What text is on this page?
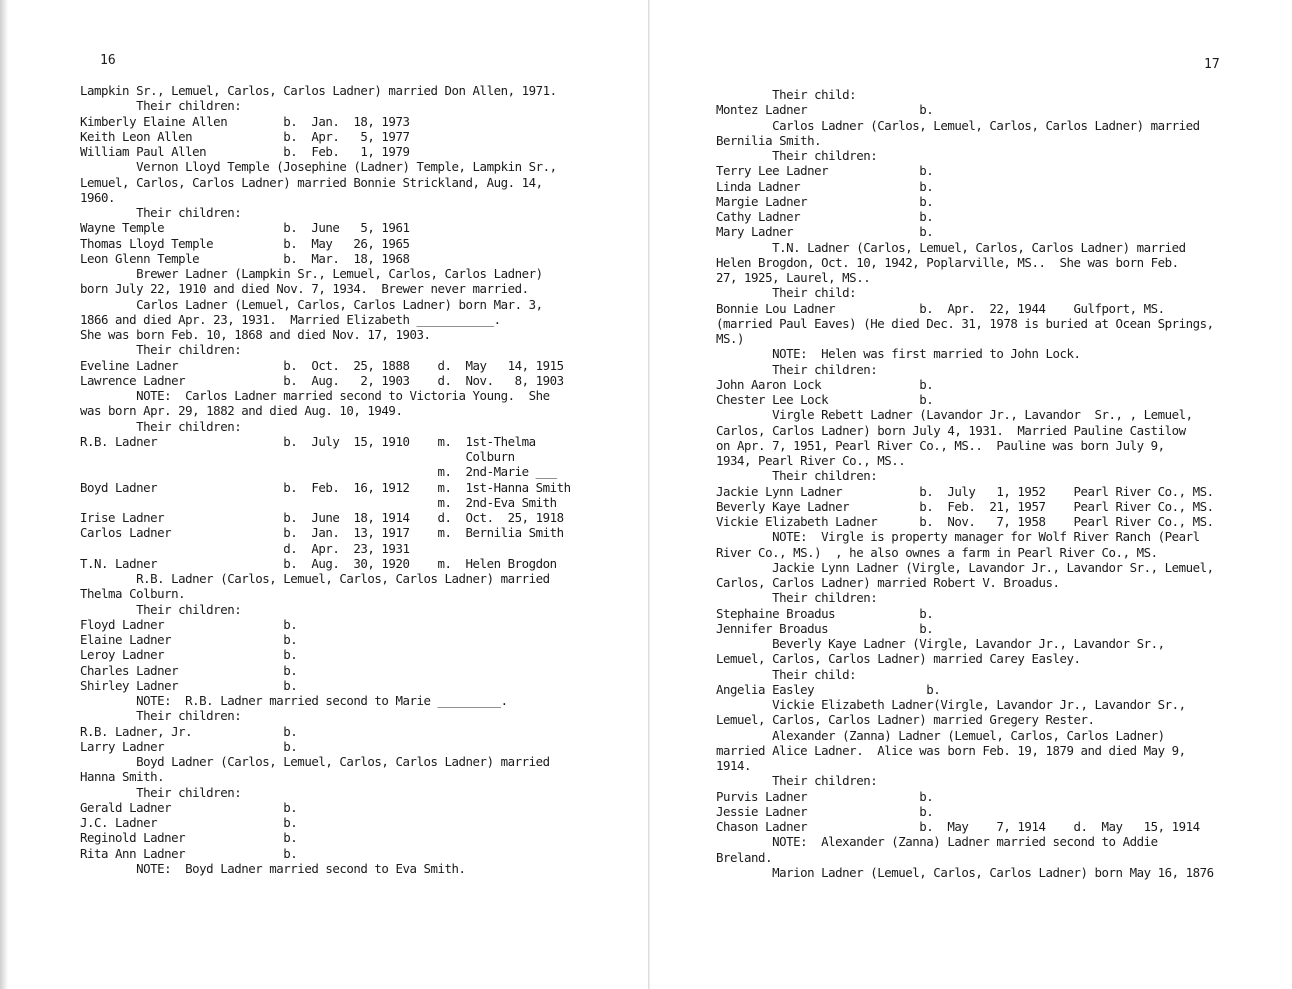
16
Lampkin Sr., Lemuel, Carlos, Carlos Ladner) married Don Allen, 1971.
Their children:
Kimberly Elaine Allen        b.  Jan.  18, 1973
Keith Leon Allen             b.  Apr.   5, 1977
William Paul Allen           b.  Feb.   1, 1979
Vernon Lloyd Temple (Josephine (Ladner) Temple, Lampkin Sr.,
Lemuel, Carlos, Carlos Ladner) married Bonnie Strickland, Aug. 14,
1960.
Their children:
Wayne Temple                 b.  June   5, 1961
Thomas Lloyd Temple          b.  May   26, 1965
Leon Glenn Temple            b.  Mar.  18, 1968
Brewer Ladner (Lampkin Sr., Lemuel, Carlos, Carlos Ladner)
born July 22, 1910 and died Nov. 7, 1934.  Brewer never married.
Carlos Ladner (Lemuel, Carlos, Carlos Ladner) born Mar. 3,
1866 and died Apr. 23, 1931.  Married Elizabeth ___________.
She was born Feb. 10, 1868 and died Nov. 17, 1903.
Their children:
Eveline Ladner               b.  Oct.  25, 1888    d.  May   14, 1915
Lawrence Ladner              b.  Aug.   2, 1903    d.  Nov.   8, 1903
NOTE:  Carlos Ladner married second to Victoria Young.  She
was born Apr. 29, 1882 and died Aug. 10, 1949.
Their children:
R.B. Ladner                  b.  July  15, 1910    m.  1st-Thelma
Colburn
m.  2nd-Marie ___
Boyd Ladner                  b.  Feb.  16, 1912    m.  1st-Hanna Smith
m.  2nd-Eva Smith
Irise Ladner                 b.  June  18, 1914    d.  Oct.  25, 1918
Carlos Ladner                b.  Jan.  13, 1917    m.  Bernilia Smith
d.  Apr.  23, 1931
T.N. Ladner                  b.  Aug.  30, 1920    m.  Helen Brogdon
R.B. Ladner (Carlos, Lemuel, Carlos, Carlos Ladner) married
Thelma Colburn.
Their children:
Floyd Ladner                 b.
Elaine Ladner                b.
Leroy Ladner                 b.
Charles Ladner               b.
Shirley Ladner               b.
NOTE:  R.B. Ladner married second to Marie _________.
Their children:
R.B. Ladner, Jr.             b.
Larry Ladner                 b.
Boyd Ladner (Carlos, Lemuel, Carlos, Carlos Ladner) married
Hanna Smith.
Their children:
Gerald Ladner                b.
J.C. Ladner                  b.
Reginold Ladner              b.
Rita Ann Ladner              b.
NOTE:  Boyd Ladner married second to Eva Smith.
17
Their child:
Montez Ladner                b.
Carlos Ladner (Carlos, Lemuel, Carlos, Carlos Ladner) married
Bernilia Smith.
Their children:
Terry Lee Ladner             b.
Linda Ladner                 b.
Margie Ladner                b.
Cathy Ladner                 b.
Mary Ladner                  b.
T.N. Ladner (Carlos, Lemuel, Carlos, Carlos Ladner) married
Helen Brogdon, Oct. 10, 1942, Poplarville, MS..  She was born Feb.
27, 1925, Laurel, MS..
Their child:
Bonnie Lou Ladner            b.  Apr.  22, 1944    Gulfport, MS.
(married Paul Eaves) (He died Dec. 31, 1978 is buried at Ocean Springs,
MS.)
NOTE:  Helen was first married to John Lock.
Their children:
John Aaron Lock              b.
Chester Lee Lock             b.
Virgle Rebett Ladner (Lavandor Jr., Lavandor  Sr., , Lemuel,
Carlos, Carlos Ladner) born July 4, 1931.  Married Pauline Castilow
on Apr. 7, 1951, Pearl River Co., MS..  Pauline was born July 9,
1934, Pearl River Co., MS..
Their children:
Jackie Lynn Ladner           b.  July   1, 1952    Pearl River Co., MS.
Beverly Kaye Ladner          b.  Feb.  21, 1957    Pearl River Co., MS.
Vickie Elizabeth Ladner      b.  Nov.   7, 1958    Pearl River Co., MS.
NOTE:  Virgle is property manager for Wolf River Ranch (Pearl
River Co., MS.)  , he also ownes a farm in Pearl River Co., MS.
Jackie Lynn Ladner (Virgle, Lavandor Jr., Lavandor Sr., Lemuel,
Carlos, Carlos Ladner) married Robert V. Broadus.
Their children:
Stephaine Broadus            b.
Jennifer Broadus             b.
Beverly Kaye Ladner (Virgle, Lavandor Jr., Lavandor Sr.,
Lemuel, Carlos, Carlos Ladner) married Carey Easley.
Their child:
Angelia Easley                b.
Vickie Elizabeth Ladner(Virgle, Lavandor Jr., Lavandor Sr.,
Lemuel, Carlos, Carlos Ladner) married Gregery Rester.
Alexander (Zanna) Ladner (Lemuel, Carlos, Carlos Ladner)
married Alice Ladner.  Alice was born Feb. 19, 1879 and died May 9,
1914.
Their children:
Purvis Ladner                b.
Jessie Ladner                b.
Chason Ladner                b.  May    7, 1914    d.  May   15, 1914
NOTE:  Alexander (Zanna) Ladner married second to Addie
Breland.
Marion Ladner (Lemuel, Carlos, Carlos Ladner) born May 16, 1876
